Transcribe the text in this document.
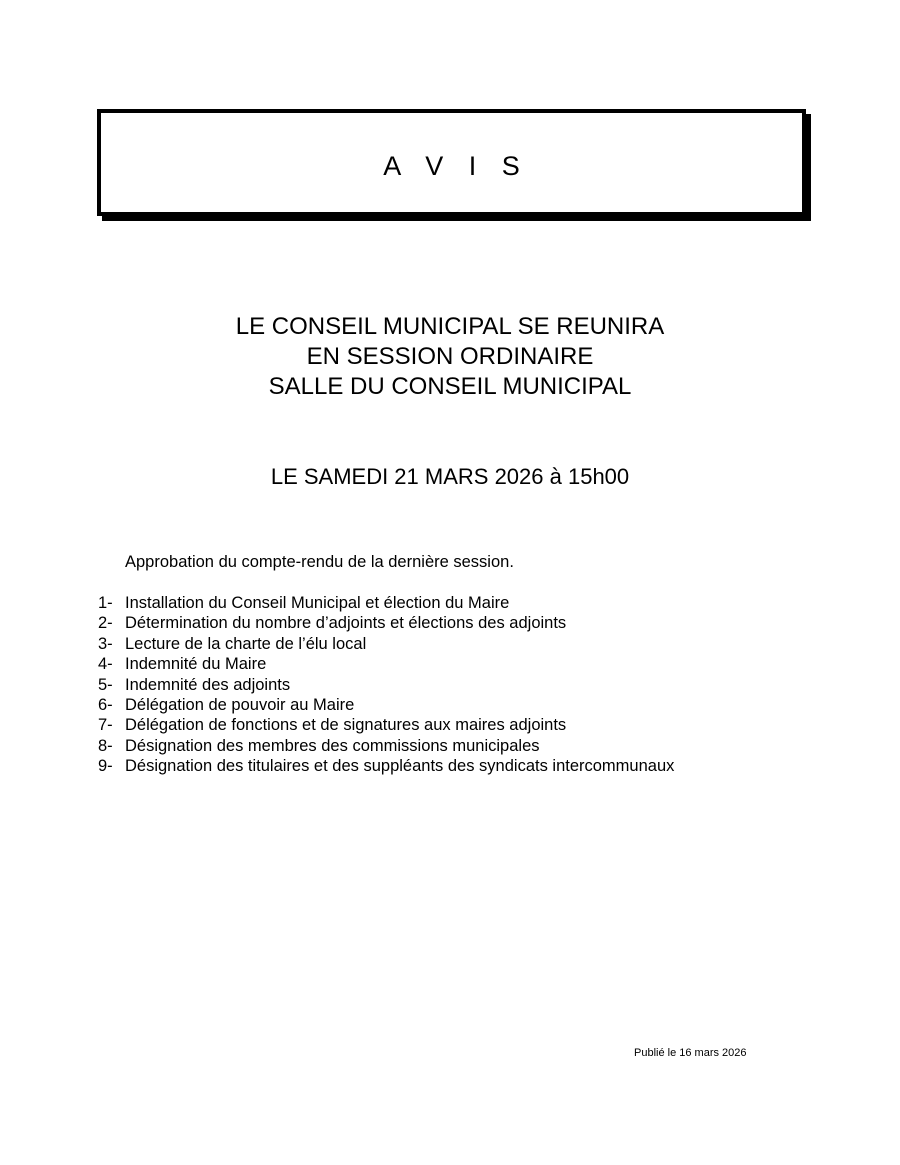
A V I S
LE CONSEIL MUNICIPAL SE REUNIRA
EN SESSION ORDINAIRE
SALLE DU CONSEIL MUNICIPAL
LE SAMEDI 21 MARS 2026 à 15h00
Approbation du compte-rendu de la dernière session.
1- Installation du Conseil Municipal et élection du Maire
2- Détermination du nombre d’adjoints et élections des adjoints
3- Lecture de la charte de l’élu local
4- Indemnité du Maire
5- Indemnité des adjoints
6- Délégation de pouvoir au Maire
7- Délégation de fonctions et de signatures aux maires adjoints
8- Désignation des membres des commissions municipales
9- Désignation des titulaires et des suppléants des syndicats intercommunaux
Publié le 16 mars 2026
